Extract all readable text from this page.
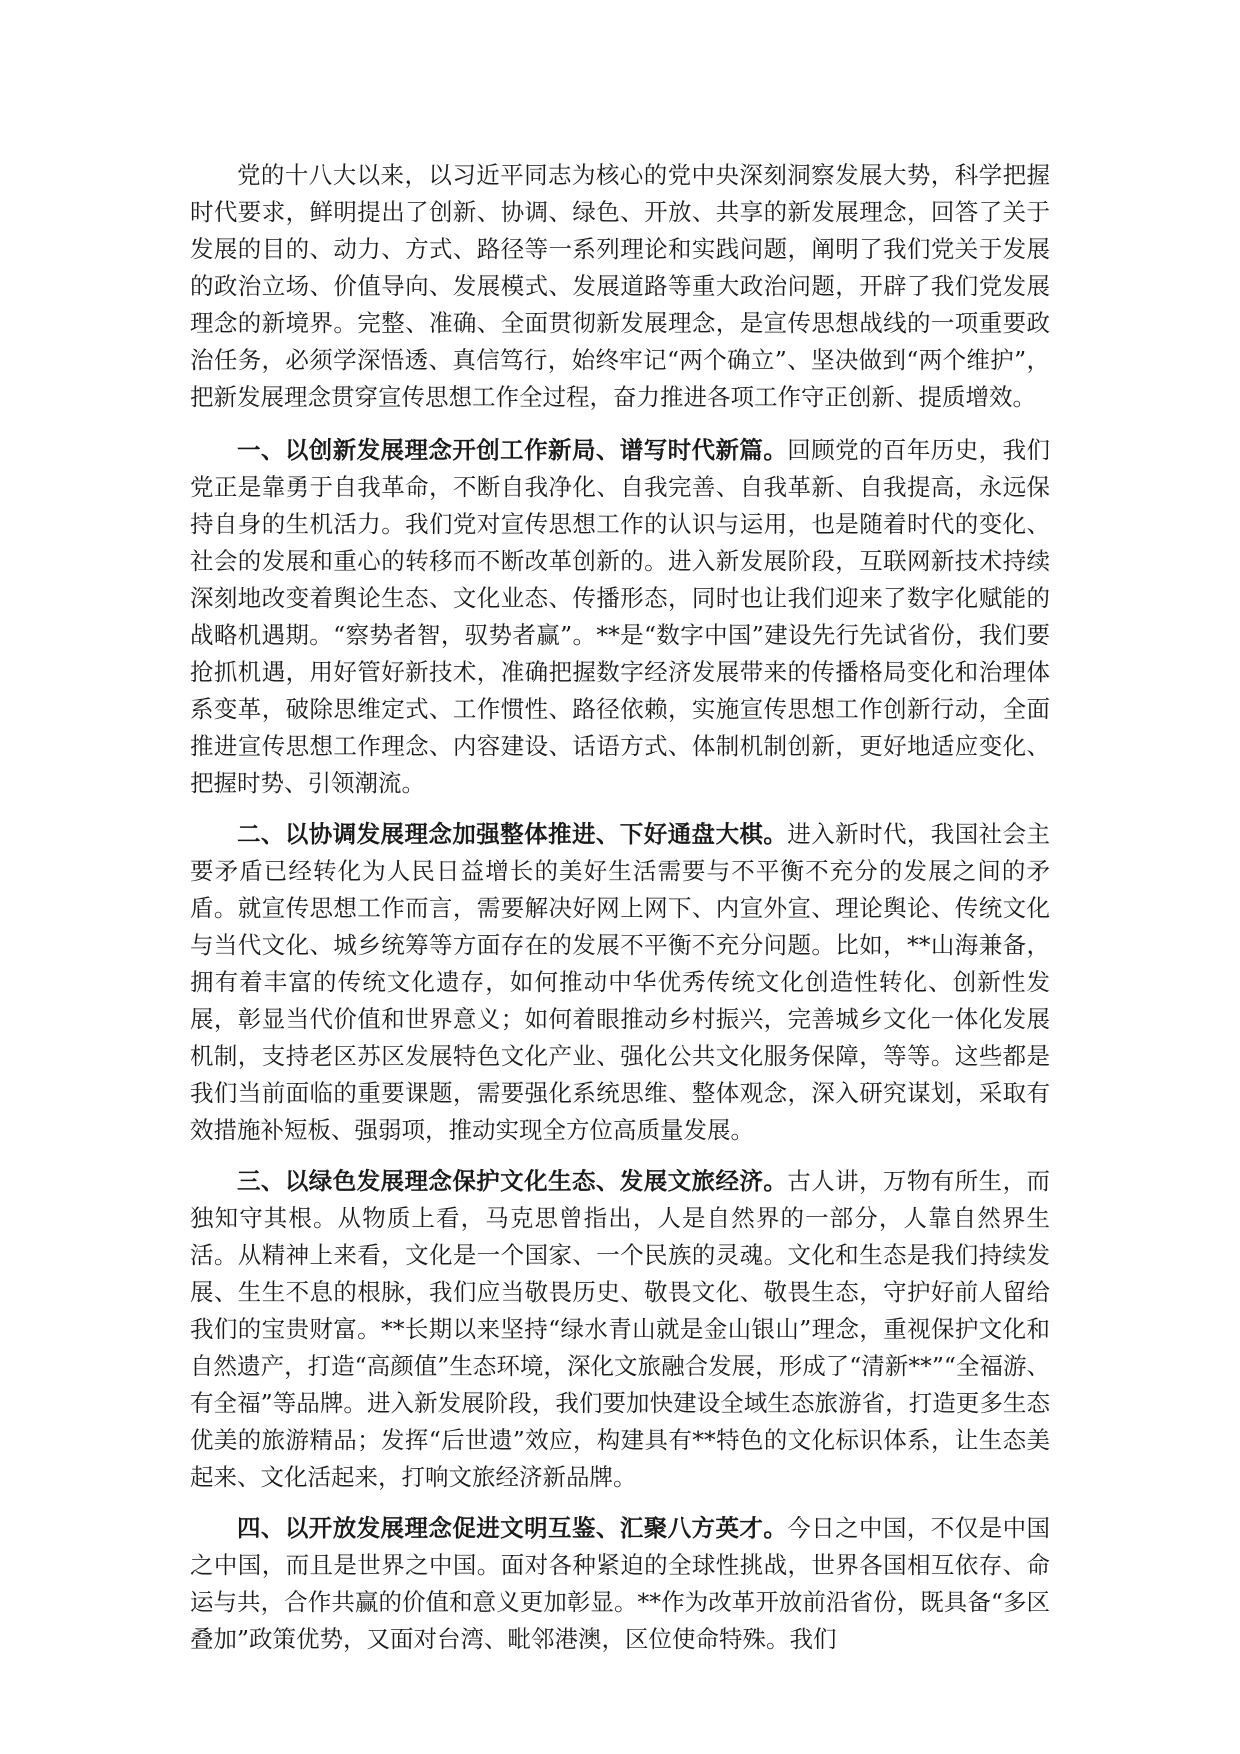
党的十八大以来，以习近平同志为核心的党中央深刻洞察发展大势，科学把握时代要求，鲜明提出了创新、协调、绿色、开放、共享的新发展理念，回答了关于发展的目的、动力、方式、路径等一系列理论和实践问题，阐明了我们党关于发展的政治立场、价值导向、发展模式、发展道路等重大政治问题，开辟了我们党发展理念的新境界。完整、准确、全面贯彻新发展理念，是宣传思想战线的一项重要政治任务，必须学深悟透、真信笃行，始终牢记“两个确立”、坚决做到“两个维护”， 把新发展理念贯穿宣传思想工作全过程，奋力推进各项工作守正创新、提质增效。

一、以创新发展理念开创工作新局、谱写时代新篇。回顾党的百年历史，我们党正是靠勇于自我革命，不断自我净化、自我完善、自我革新、自我提高，永远保持自身的生机活力。我们党对宣传思想工作的认识与运用，也是随着时代的变化、社会的发展和重心的转移而不断改革创新的。进入新发展阶段，互联网新技术持续深刻地改变着舆论生态、文化业态、传播形态，同时也让我们迎来了数字化赋能的战略机遇期。“察势者智，驭势者赢”。**是“数字中国”建设先行先试省份，我们要抢抓机遇，用好管好新技术，准确把握数字经济发展带来的传播格局变化和治理体系变革，破除思维定式、工作惯性、路径依赖，实施宣传思想工作创新行动，全面推进宣传思想工作理念、内容建设、话语方式、体制机制创新，更好地适应变化、把握时势、引领潮流。

二、以协调发展理念加强整体推进、下好通盘大棋。进入新时代，我国社会主要矛盾已经转化为人民日益增长的美好生活需要与不平衡不充分的发展之间的矛盾。就宣传思想工作而言，需要解决好网上网下、内宣外宣、理论舆论、传统文化与当代文化、城乡统筹等方面存在的发展不平衡不充分问题。比如，**山海兼备，拥有着丰富的传统文化遗存，如何推动中华优秀传统文化创造性转化、创新性发展，彰显当代价值和世界意义；如何着眼推动乡村振兴，完善城乡文化一体化发展机制，支持老区苏区发展特色文化产业、强化公共文化服务保障，等等。这些都是我们当前面临的重要课题，需要强化系统思维、整体观念，深入研究谋划，采取有效措施补短板、强弱项，推动实现全方位高质量发展。

三、以绿色发展理念保护文化生态、发展文旅经济。古人讲，万物有所生，而独知守其根。从物质上看，马克思曾指出，人是自然界的一部分，人靠自然界生活。从精神上来看，文化是一个国家、一个民族的灵魂。文化和生态是我们持续发展、生生不息的根脉，我们应当敬畏历史、敬畏文化、敬畏生态，守护好前人留给我们的宝贵财富。**长期以来坚持“绿水青山就是金山银山”理念，重视保护文化和自然遗产，打造“高颜值”生态环境，深化文旅融合发展，形成了“清新**”“全福游、有全福”等品牌。进入新发展阶段，我们要加快建设全域生态旅游省，打造更多生态优美的旅游精品；发挥“后世遗”效应，构建具有**特色的文化标识体系，让生态美起来、文化活起来，打响文旅经济新品牌。

四、以开放发展理念促进文明互鉴、汇聚八方英才。今日之中国，不仅是中国之中国，而且是世界之中国。面对各种紧迫的全球性挑战，世界各国相互依存、命运与共，合作共赢的价值和意义更加彰显。**作为改革开放前沿省份，既具备“多区叠加”政策优势，又面对台湾、毗邻港澳，区位使命特殊。我们
